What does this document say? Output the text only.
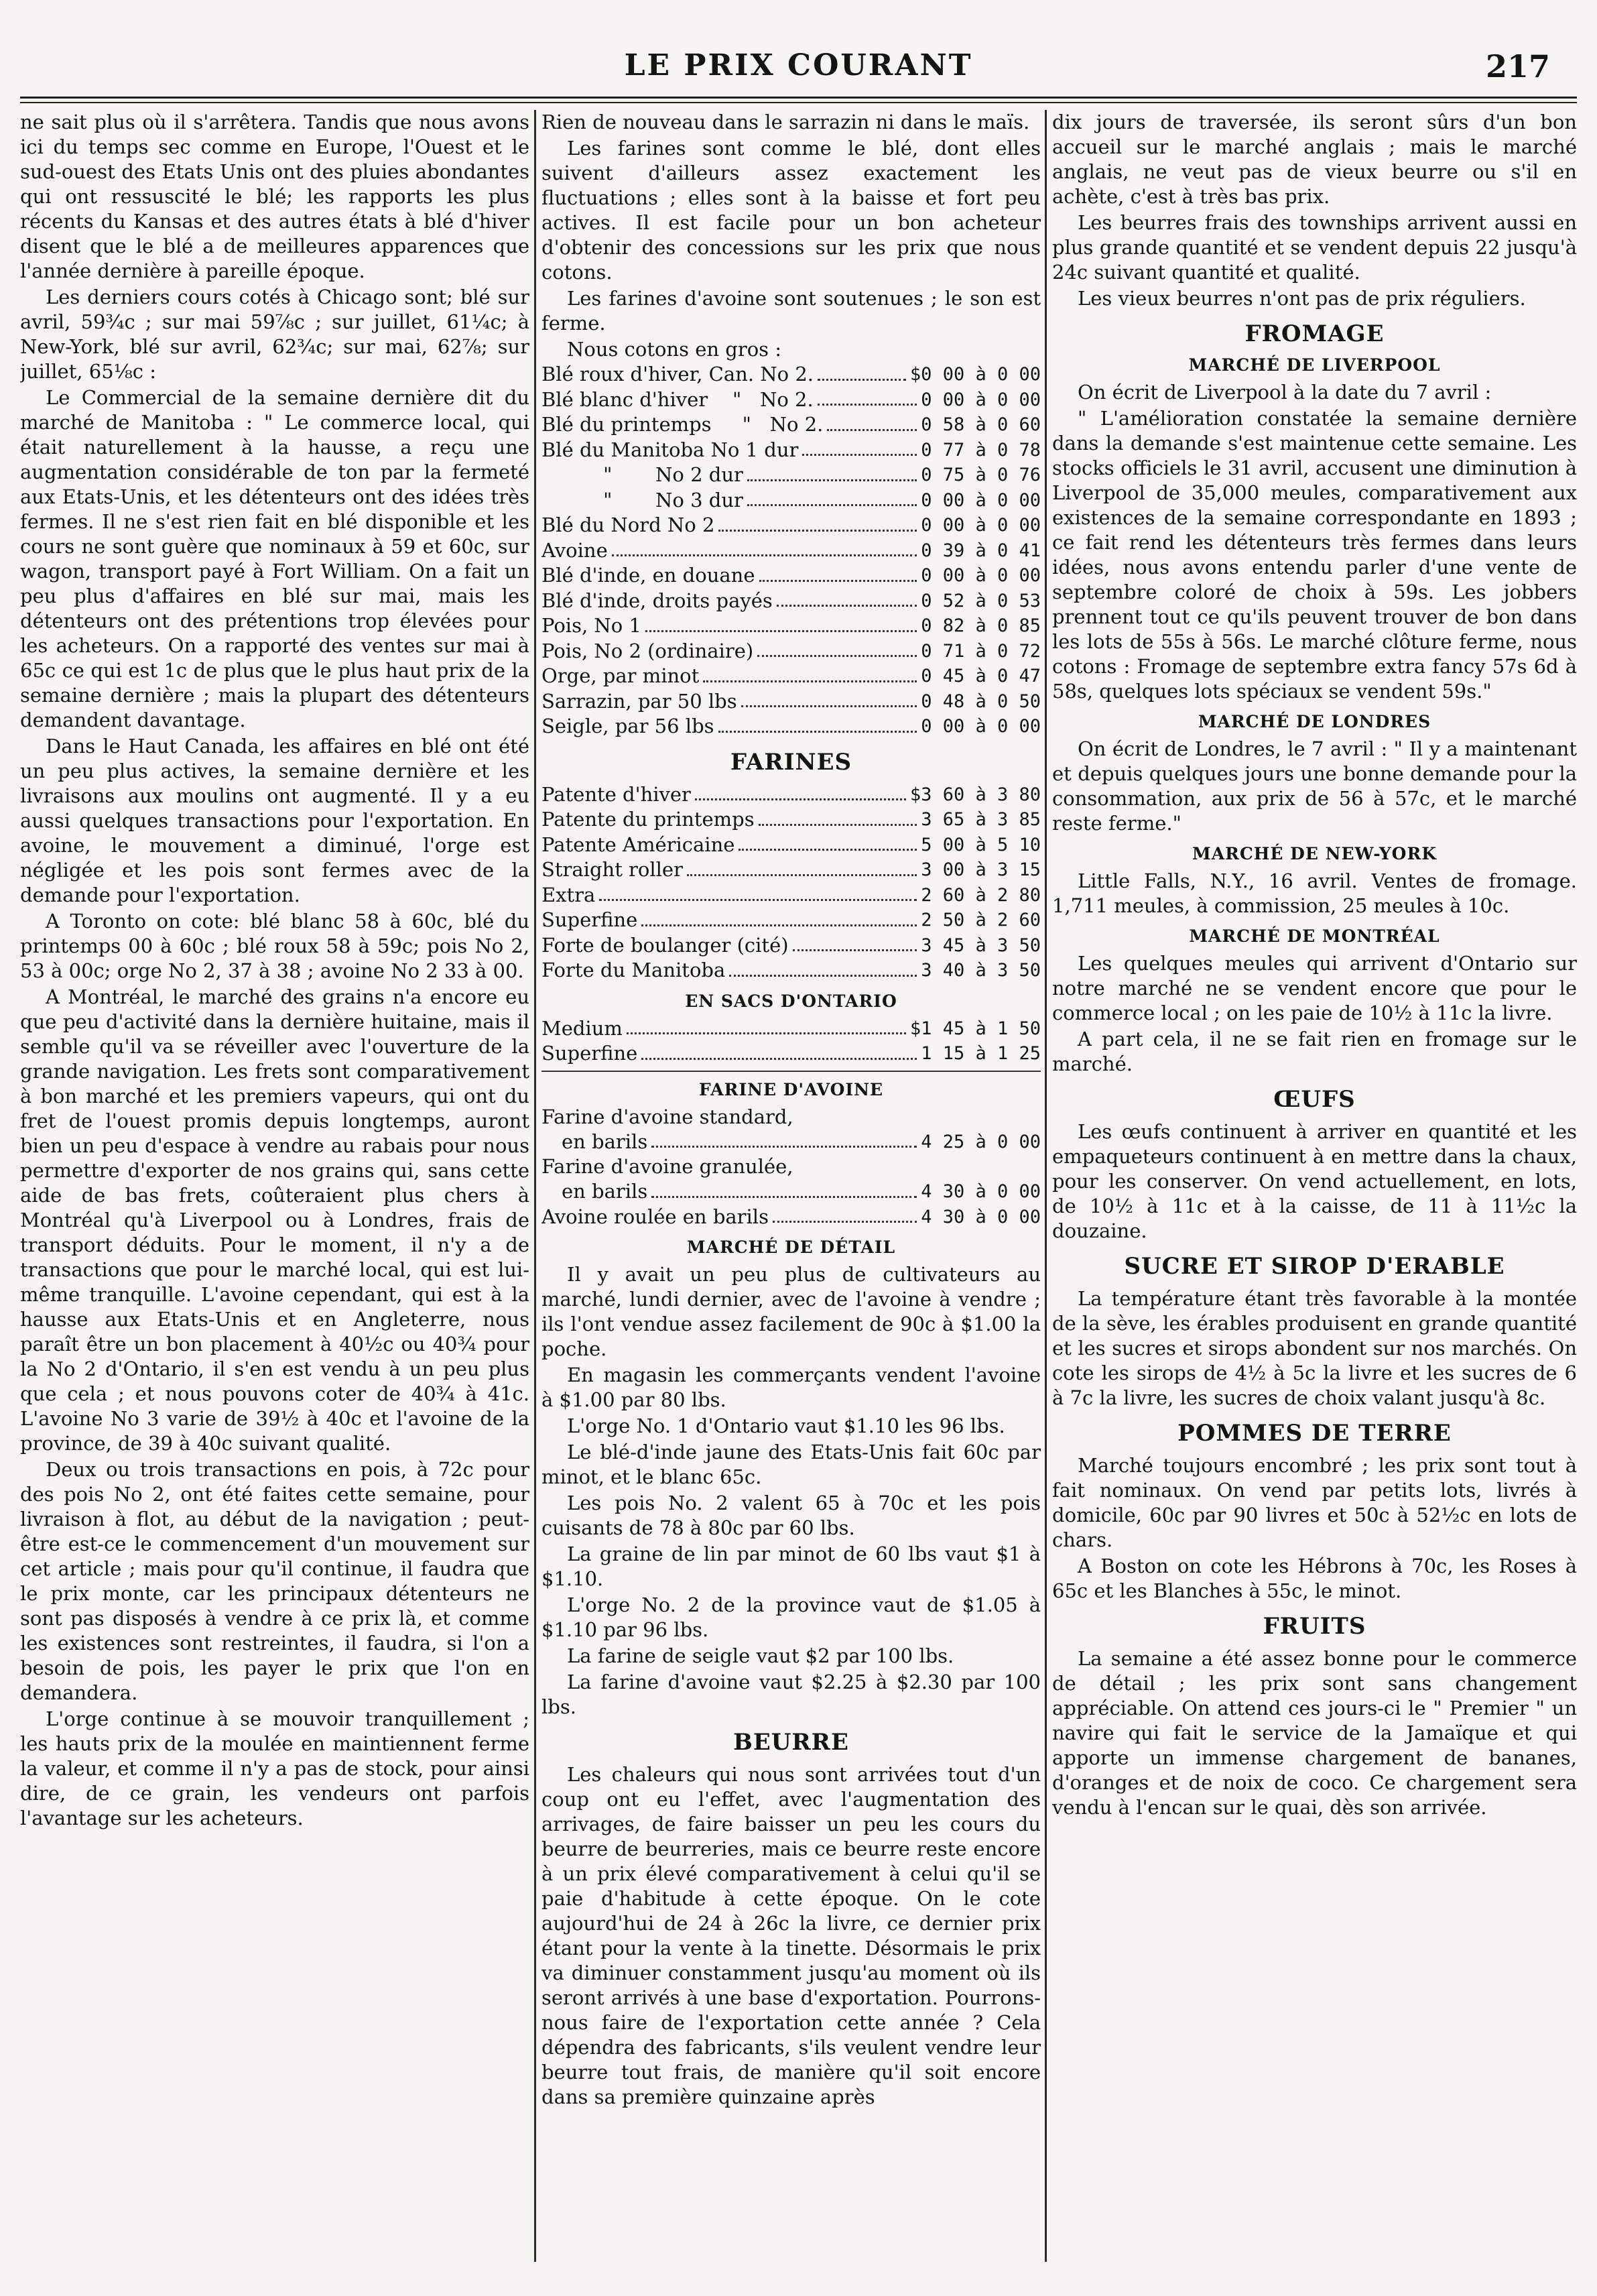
LE PRIX COURANT	217

ne sait plus où il s'arrêtera. Tandis que nous avons ici du temps sec comme en Europe, l'Ouest et le sud-ouest des Etats Unis ont des pluies abondantes qui ont ressuscité le blé; les rapports les plus récents du Kansas et des autres états à blé d'hiver disent que le blé a de meilleures apparences que l'année dernière à pareille époque.

Les derniers cours cotés à Chicago sont; blé sur avril, 59¾c ; sur mai 59⅞c ; sur juillet, 61¼c; à New-York, blé sur avril, 62¾c; sur mai, 62⅞; sur juillet, 65⅛c :

Le Commercial de la semaine dernière dit du marché de Manitoba : " Le commerce local, qui était naturellement à la hausse, a reçu une augmentation considérable de ton par la fermeté aux Etats-Unis, et les détenteurs ont des idées très fermes. Il ne s'est rien fait en blé disponible et les cours ne sont guère que nominaux à 59 et 60c, sur wagon, transport payé à Fort William. On a fait un peu plus d'affaires en blé sur mai, mais les détenteurs ont des prétentions trop élevées pour les acheteurs. On a rapporté des ventes sur mai à 65c ce qui est 1c de plus que le plus haut prix de la semaine dernière ; mais la plupart des détenteurs demandent davantage.

Dans le Haut Canada, les affaires en blé ont été un peu plus actives, la semaine dernière et les livraisons aux moulins ont augmenté. Il y a eu aussi quelques transactions pour l'exportation. En avoine, le mouvement a diminué, l'orge est négligée et les pois sont fermes avec de la demande pour l'exportation.

A Toronto on cote: blé blanc 58 à 60c, blé du printemps 00 à 60c ; blé roux 58 à 59c; pois No 2, 53 à 00c; orge No 2, 37 à 38 ; avoine No 2 33 à 00.

A Montréal, le marché des grains n'a encore eu que peu d'activité dans la dernière huitaine, mais il semble qu'il va se réveiller avec l'ouverture de la grande navigation. Les frets sont comparativement à bon marché et les premiers vapeurs, qui ont du fret de l'ouest promis depuis longtemps, auront bien un peu d'espace à vendre au rabais pour nous permettre d'exporter de nos grains qui, sans cette aide de bas frets, coûteraient plus chers à Montréal qu'à Liverpool ou à Londres, frais de transport déduits. Pour le moment, il n'y a de transactions que pour le marché local, qui est lui-même tranquille. L'avoine cependant, qui est à la hausse aux Etats-Unis et en Angleterre, nous paraît être un bon placement à 40½c ou 40¾ pour la No 2 d'Ontario, il s'en est vendu à un peu plus que cela ; et nous pouvons coter de 40¾ à 41c. L'avoine No 3 varie de 39½ à 40c et l'avoine de la province, de 39 à 40c suivant qualité.

Deux ou trois transactions en pois, à 72c pour des pois No 2, ont été faites cette semaine, pour livraison à flot, au début de la navigation ; peut-être est-ce le commencement d'un mouvement sur cet article ; mais pour qu'il continue, il faudra que le prix monte, car les principaux détenteurs ne sont pas disposés à vendre à ce prix là, et comme les existences sont restreintes, il faudra, si l'on a besoin de pois, les payer le prix que l'on en demandera.

L'orge continue à se mouvoir tranquillement ; les hauts prix de la moulée en maintiennent ferme la valeur, et comme il n'y a pas de stock, pour ainsi dire, de ce grain, les vendeurs ont parfois l'avantage sur les acheteurs.

Rien de nouveau dans le sarrazin ni dans le maïs.

Les farines sont comme le blé, dont elles suivent d'ailleurs assez exactement les fluctuations ; elles sont à la baisse et fort peu actives. Il est facile pour un bon acheteur d'obtenir des concessions sur les prix que nous cotons.

Les farines d'avoine sont soutenues ; le son est ferme.

Nous cotons en gros :

Blé roux d'hiver, Can. No 2.	$0 00 à 0 00
Blé blanc d'hiver    "   No 2.	0 00 à 0 00
Blé du printemps     "   No 2.	0 58 à 0 60
Blé du Manitoba No 1 dur	0 77 à 0 78
"       No 2 dur	0 75 à 0 76
"       No 3 dur	0 00 à 0 00
Blé du Nord No 2	0 00 à 0 00
Avoine	0 39 à 0 41
Blé d'inde, en douane	0 00 à 0 00
Blé d'inde, droits payés	0 52 à 0 53
Pois, No 1	0 82 à 0 85
Pois, No 2 (ordinaire)	0 71 à 0 72
Orge, par minot	0 45 à 0 47
Sarrazin, par 50 lbs	0 48 à 0 50
Seigle, par 56 lbs	0 00 à 0 00
FARINES
Patente d'hiver	$3 60 à 3 80
Patente du printemps	3 65 à 3 85
Patente Américaine	5 00 à 5 10
Straight roller	3 00 à 3 15
Extra	2 60 à 2 80
Superfine	2 50 à 2 60
Forte de boulanger (cité)	3 45 à 3 50
Forte du Manitoba	3 40 à 3 50
EN SACS D'ONTARIO
Medium	$1 45 à 1 50
Superfine	1 15 à 1 25
FARINE D'AVOINE
Farine d'avoine standard,
en barils	4 25 à 0 00
Farine d'avoine granulée,
en barils	4 30 à 0 00
Avoine roulée en barils	4 30 à 0 00
MARCHÉ DE DÉTAIL

Il y avait un peu plus de cultivateurs au marché, lundi dernier, avec de l'avoine à vendre ; ils l'ont vendue assez facilement de 90c à $1.00 la poche.

En magasin les commerçants vendent l'avoine à $1.00 par 80 lbs.

L'orge No. 1 d'Ontario vaut $1.10 les 96 lbs.

Le blé-d'inde jaune des Etats-Unis fait 60c par minot, et le blanc 65c.

Les pois No. 2 valent 65 à 70c et les pois cuisants de 78 à 80c par 60 lbs.

La graine de lin par minot de 60 lbs vaut $1 à $1.10.

L'orge No. 2 de la province vaut de $1.05 à $1.10 par 96 lbs.

La farine de seigle vaut $2 par 100 lbs.

La farine d'avoine vaut $2.25 à $2.30 par 100 lbs.

BEURRE

Les chaleurs qui nous sont arrivées tout d'un coup ont eu l'effet, avec l'augmentation des arrivages, de faire baisser un peu les cours du beurre de beurreries, mais ce beurre reste encore à un prix élevé comparativement à celui qu'il se paie d'habitude à cette époque. On le cote aujourd'hui de 24 à 26c la livre, ce dernier prix étant pour la vente à la tinette. Désormais le prix va diminuer constamment jusqu'au moment où ils seront arrivés à une base d'exportation. Pourrons-nous faire de l'exportation cette année ? Cela dépendra des fabricants, s'ils veulent vendre leur beurre tout frais, de manière qu'il soit encore dans sa première quinzaine après

dix jours de traversée, ils seront sûrs d'un bon accueil sur le marché anglais ; mais le marché anglais, ne veut pas de vieux beurre ou s'il en achète, c'est à très bas prix.

Les beurres frais des townships arrivent aussi en plus grande quantité et se vendent depuis 22 jusqu'à 24c suivant quantité et qualité.

Les vieux beurres n'ont pas de prix réguliers.

FROMAGE
MARCHÉ DE LIVERPOOL

On écrit de Liverpool à la date du 7 avril :

" L'amélioration constatée la semaine dernière dans la demande s'est maintenue cette semaine. Les stocks officiels le 31 avril, accusent une diminution à Liverpool de 35,000 meules, comparativement aux existences de la semaine correspondante en 1893 ; ce fait rend les détenteurs très fermes dans leurs idées, nous avons entendu parler d'une vente de septembre coloré de choix à 59s. Les jobbers prennent tout ce qu'ils peuvent trouver de bon dans les lots de 55s à 56s. Le marché clôture ferme, nous cotons : Fromage de septembre extra fancy 57s 6d à 58s, quelques lots spéciaux se vendent 59s."

MARCHÉ DE LONDRES

On écrit de Londres, le 7 avril : " Il y a maintenant et depuis quelques jours une bonne demande pour la consommation, aux prix de 56 à 57c, et le marché reste ferme."

MARCHÉ DE NEW-YORK

Little Falls, N.Y., 16 avril. Ventes de fromage. 1,711 meules, à commission, 25 meules à 10c.

MARCHÉ DE MONTRÉAL

Les quelques meules qui arrivent d'Ontario sur notre marché ne se vendent encore que pour le commerce local ; on les paie de 10½ à 11c la livre.

A part cela, il ne se fait rien en fromage sur le marché.

ŒUFS

Les œufs continuent à arriver en quantité et les empaqueteurs continuent à en mettre dans la chaux, pour les conserver. On vend actuellement, en lots, de 10½ à 11c et à la caisse, de 11 à 11½c la douzaine.

SUCRE ET SIROP D'ERABLE

La température étant très favorable à la montée de la sève, les érables produisent en grande quantité et les sucres et sirops abondent sur nos marchés. On cote les sirops de 4½ à 5c la livre et les sucres de 6 à 7c la livre, les sucres de choix valant jusqu'à 8c.

POMMES DE TERRE

Marché toujours encombré ; les prix sont tout à fait nominaux. On vend par petits lots, livrés à domicile, 60c par 90 livres et 50c à 52½c en lots de chars.

A Boston on cote les Hébrons à 70c, les Roses à 65c et les Blanches à 55c, le minot.

FRUITS

La semaine a été assez bonne pour le commerce de détail ; les prix sont sans changement appréciable. On attend ces jours-ci le " Premier " un navire qui fait le service de la Jamaïque et qui apporte un immense chargement de bananes, d'oranges et de noix de coco. Ce chargement sera vendu à l'encan sur le quai, dès son arrivée.
